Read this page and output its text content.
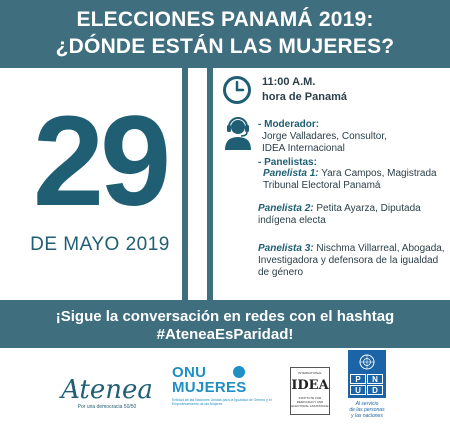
ELECCIONES PANAMÁ 2019:
¿DÓNDE ESTÁN LAS MUJERES?
29
DE MAYO 2019
11:00 A.M.
hora de Panamá
- Moderador:
Jorge Valladares, Consultor,
IDEA Internacional
- Panelistas:
Panelista 1: Yara Campos, Magistrada
Tribunal Electoral Panamá
Panelista 2: Petita Ayarza, Diputada
indígena electa
Panelista 3: Nischma Villarreal, Abogada,
Investigadora y defensora de la igualdad
de género
¡Sigue la conversación en redes con el hashtag
#AteneaEsParidad!
Atenea
Por una democracia 50/50
ONU
MUJERES
Entidad de las Naciones Unidas para la Igualdad de Género y el Empoderamiento de las Mujeres
INTERNATIONAL
IDEA
INSTITUTE FOR DEMOCRACY AND ELECTORAL ASSISTANCE
P	N
U	D
Al servicio
de las personas
y las naciones
